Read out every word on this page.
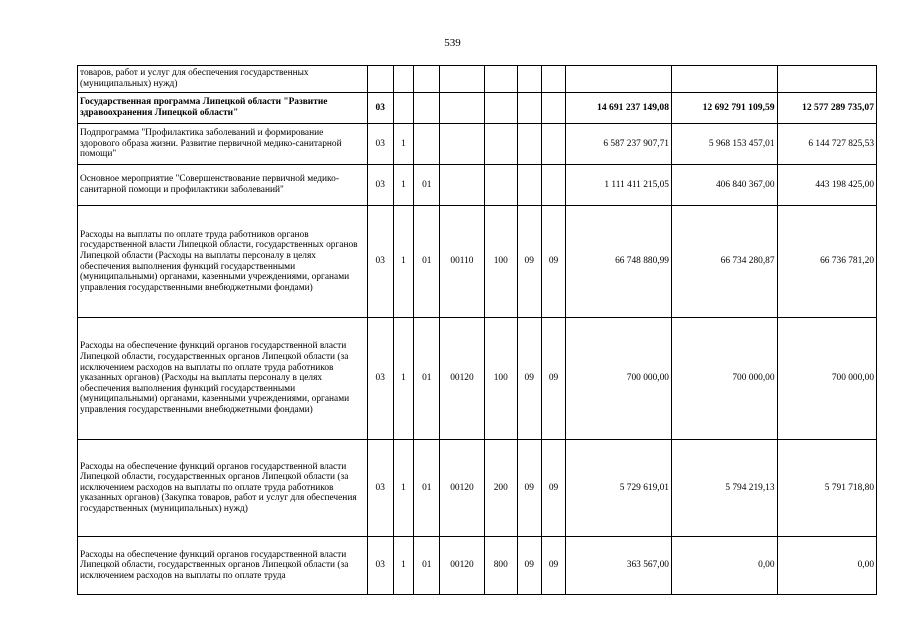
539
товаров, работ и услуг для обеспечения государственных (муниципальных) нужд)										
Государственная программа Липецкой области "Развитие здравоохранения Липецкой области"	03							14 691 237 149,08	12 692 791 109,59	12 577 289 735,07
Подпрограмма "Профилактика заболеваний и формирование здорового образа жизни. Развитие первичной медико-санитарной помощи"	03	1						6 587 237 907,71	5 968 153 457,01	6 144 727 825,53
Основное мероприятие "Совершенствование первичной медико-санитарной помощи и профилактики заболеваний"	03	1	01					1 111 411 215,05	406 840 367,00	443 198 425,00
Расходы на выплаты по оплате труда работников органов государственной власти Липецкой области, государственных органов Липецкой области (Расходы на выплаты персоналу в целях обеспечения выполнения функций государственными (муниципальными) органами, казенными учреждениями, органами управления государственными внебюджетными фондами)	03	1	01	00110	100	09	09	66 748 880,99	66 734 280,87	66 736 781,20
Расходы на обеспечение функций органов государственной власти Липецкой области, государственных органов Липецкой области (за исключением расходов на выплаты по оплате труда работников указанных органов) (Расходы на выплаты персоналу в целях обеспечения выполнения функций государственными (муниципальными) органами, казенными учреждениями, органами управления государственными внебюджетными фондами)	03	1	01	00120	100	09	09	700 000,00	700 000,00	700 000,00
Расходы на обеспечение функций органов государственной власти Липецкой области, государственных органов Липецкой области (за исключением расходов на выплаты по оплате труда работников указанных органов) (Закупка товаров, работ и услуг для обеспечения государственных (муниципальных) нужд)	03	1	01	00120	200	09	09	5 729 619,01	5 794 219,13	5 791 718,80
Расходы на обеспечение функций органов государственной власти Липецкой области, государственных органов Липецкой области (за исключением расходов на выплаты по оплате труда	03	1	01	00120	800	09	09	363 567,00	0,00	0,00
